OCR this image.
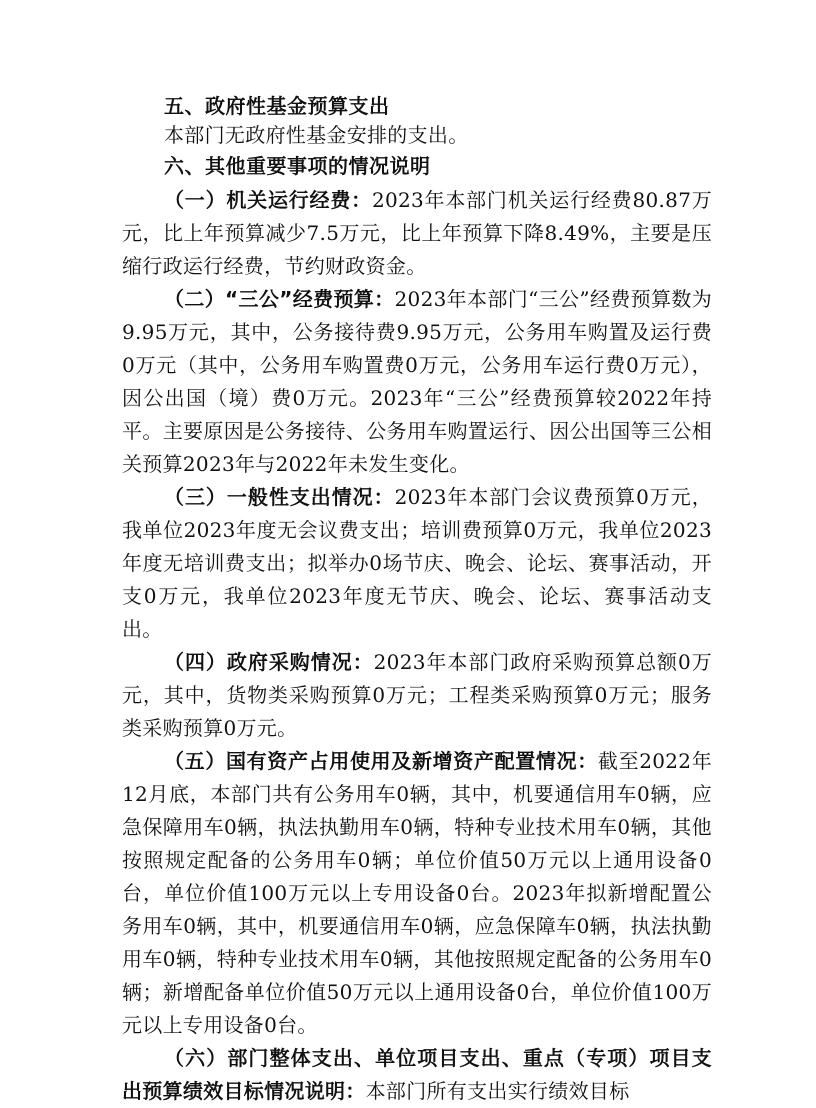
五、政府性基金预算支出

本部门无政府性基金安排的支出。

六、其他重要事项的情况说明

（一）机关运行经费：2023年本部门机关运行经费80.87万元，比上年预算减少7.5万元，比上年预算下降8.49%，主要是压缩行政运行经费，节约财政资金。

（二）“三公”经费预算：2023年本部门“三公”经费预算数为9.95万元，其中，公务接待费9.95万元，公务用车购置及运行费0万元（其中，公务用车购置费0万元，公务用车运行费0万元），因公出国（境）费0万元。2023年“三公”经费预算较2022年持平。主要原因是公务接待、公务用车购置运行、因公出国等三公相关预算2023年与2022年未发生变化。

（三）一般性支出情况：2023年本部门会议费预算0万元，我单位2023年度无会议费支出；培训费预算0万元，我单位2023年度无培训费支出；拟举办0场节庆、晚会、论坛、赛事活动，开支0万元，我单位2023年度无节庆、晚会、论坛、赛事活动支出。

（四）政府采购情况：2023年本部门政府采购预算总额0万元，其中，货物类采购预算0万元；工程类采购预算0万元；服务类采购预算0万元。

（五）国有资产占用使用及新增资产配置情况：截至2022年12月底，本部门共有公务用车0辆，其中，机要通信用车0辆，应急保障用车0辆，执法执勤用车0辆，特种专业技术用车0辆，其他按照规定配备的公务用车0辆；单位价值50万元以上通用设备0台，单位价值100万元以上专用设备0台。2023年拟新增配置公务用车0辆，其中，机要通信用车0辆，应急保障车0辆，执法执勤用车0辆，特种专业技术用车0辆，其他按照规定配备的公务用车0辆；新增配备单位价值50万元以上通用设备0台，单位价值100万元以上专用设备0台。

（六）部门整体支出、单位项目支出、重点（专项）项目支出预算绩效目标情况说明：本部门所有支出实行绩效目标
